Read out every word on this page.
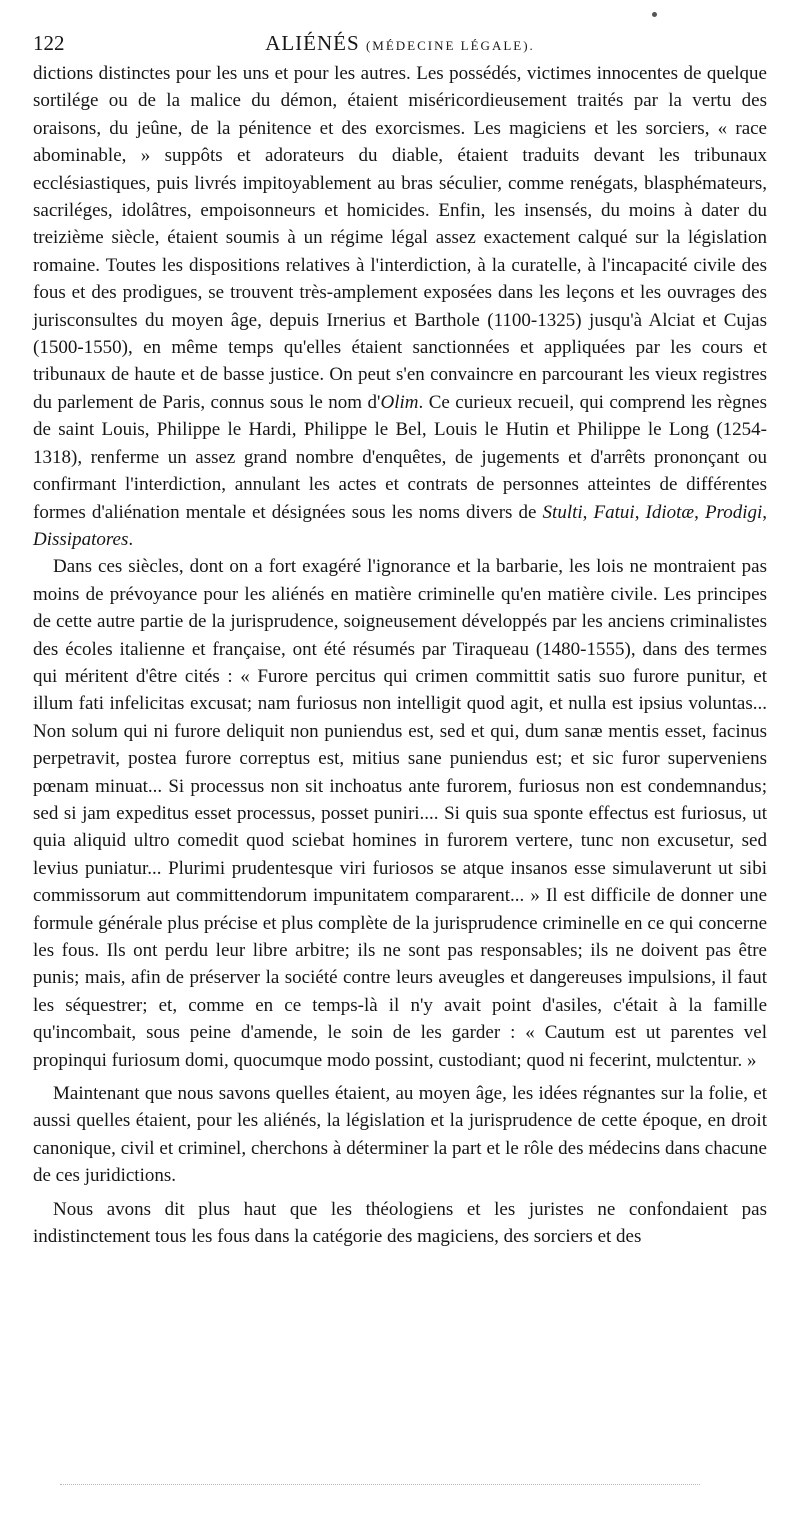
122	ALIÉNÉS (MÉDECINE LÉGALE).

dictions distinctes pour les uns et pour les autres. Les possédés, victimes innocentes de quelque sortilége ou de la malice du démon, étaient miséricordieusement traités par la vertu des oraisons, du jeûne, de la pénitence et des exorcismes. Les magiciens et les sorciers, « race abominable, » suppôts et adorateurs du diable, étaient traduits devant les tribunaux ecclésiastiques, puis livrés impitoyablement au bras séculier, comme renégats, blasphémateurs, sacriléges, idolâtres, empoisonneurs et homicides. Enfin, les insensés, du moins à dater du treizième siècle, étaient soumis à un régime légal assez exactement calqué sur la législation romaine. Toutes les dispositions relatives à l'interdiction, à la curatelle, à l'incapacité civile des fous et des prodigues, se trouvent très-amplement exposées dans les leçons et les ouvrages des jurisconsultes du moyen âge, depuis Irnerius et Barthole (1100-1325) jusqu'à Alciat et Cujas (1500-1550), en même temps qu'elles étaient sanctionnées et appliquées par les cours et tribunaux de haute et de basse justice. On peut s'en convaincre en parcourant les vieux registres du parlement de Paris, connus sous le nom d'Olim. Ce curieux recueil, qui comprend les règnes de saint Louis, Philippe le Hardi, Philippe le Bel, Louis le Hutin et Philippe le Long (1254-1318), renferme un assez grand nombre d'enquêtes, de jugements et d'arrêts prononçant ou confirmant l'interdiction, annulant les actes et contrats de personnes atteintes de différentes formes d'aliénation mentale et désignées sous les noms divers de Stulti, Fatui, Idiotæ, Prodigi, Dissipatores.

Dans ces siècles, dont on a fort exagéré l'ignorance et la barbarie, les lois ne montraient pas moins de prévoyance pour les aliénés en matière criminelle qu'en matière civile. Les principes de cette autre partie de la jurisprudence, soigneusement développés par les anciens criminalistes des écoles italienne et française, ont été résumés par Tiraqueau (1480-1555), dans des termes qui méritent d'être cités : « Furore percitus qui crimen committit satis suo furore punitur, et illum fati infelicitas excusat; nam furiosus non intelligit quod agit, et nulla est ipsius voluntas... Non solum qui ni furore deliquit non puniendus est, sed et qui, dum sanæ mentis esset, facinus perpetravit, postea furore correptus est, mitius sane puniendus est; et sic furor superveniens pœnam minuat... Si processus non sit inchoatus ante furorem, furiosus non est condemnandus; sed si jam expeditus esset processus, posset puniri.... Si quis sua sponte effectus est furiosus, ut quia aliquid ultro comedit quod sciebat homines in furorem vertere, tunc non excusetur, sed levius puniatur... Plurimi prudentesque viri furiosos se atque insanos esse simulaverunt ut sibi commissorum aut committendorum impunitatem compararent... » Il est difficile de donner une formule générale plus précise et plus complète de la jurisprudence criminelle en ce qui concerne les fous. Ils ont perdu leur libre arbitre; ils ne sont pas responsables; ils ne doivent pas être punis; mais, afin de préserver la société contre leurs aveugles et dangereuses impulsions, il faut les séquestrer; et, comme en ce temps-là il n'y avait point d'asiles, c'était à la famille qu'incombait, sous peine d'amende, le soin de les garder : « Cautum est ut parentes vel propinqui furiosum domi, quocumque modo possint, custodiant; quod ni fecerint, mulctentur. »

Maintenant que nous savons quelles étaient, au moyen âge, les idées régnantes sur la folie, et aussi quelles étaient, pour les aliénés, la législation et la jurisprudence de cette époque, en droit canonique, civil et criminel, cherchons à déterminer la part et le rôle des médecins dans chacune de ces juridictions.

Nous avons dit plus haut que les théologiens et les juristes ne confondaient pas indistinctement tous les fous dans la catégorie des magiciens, des sorciers et des
